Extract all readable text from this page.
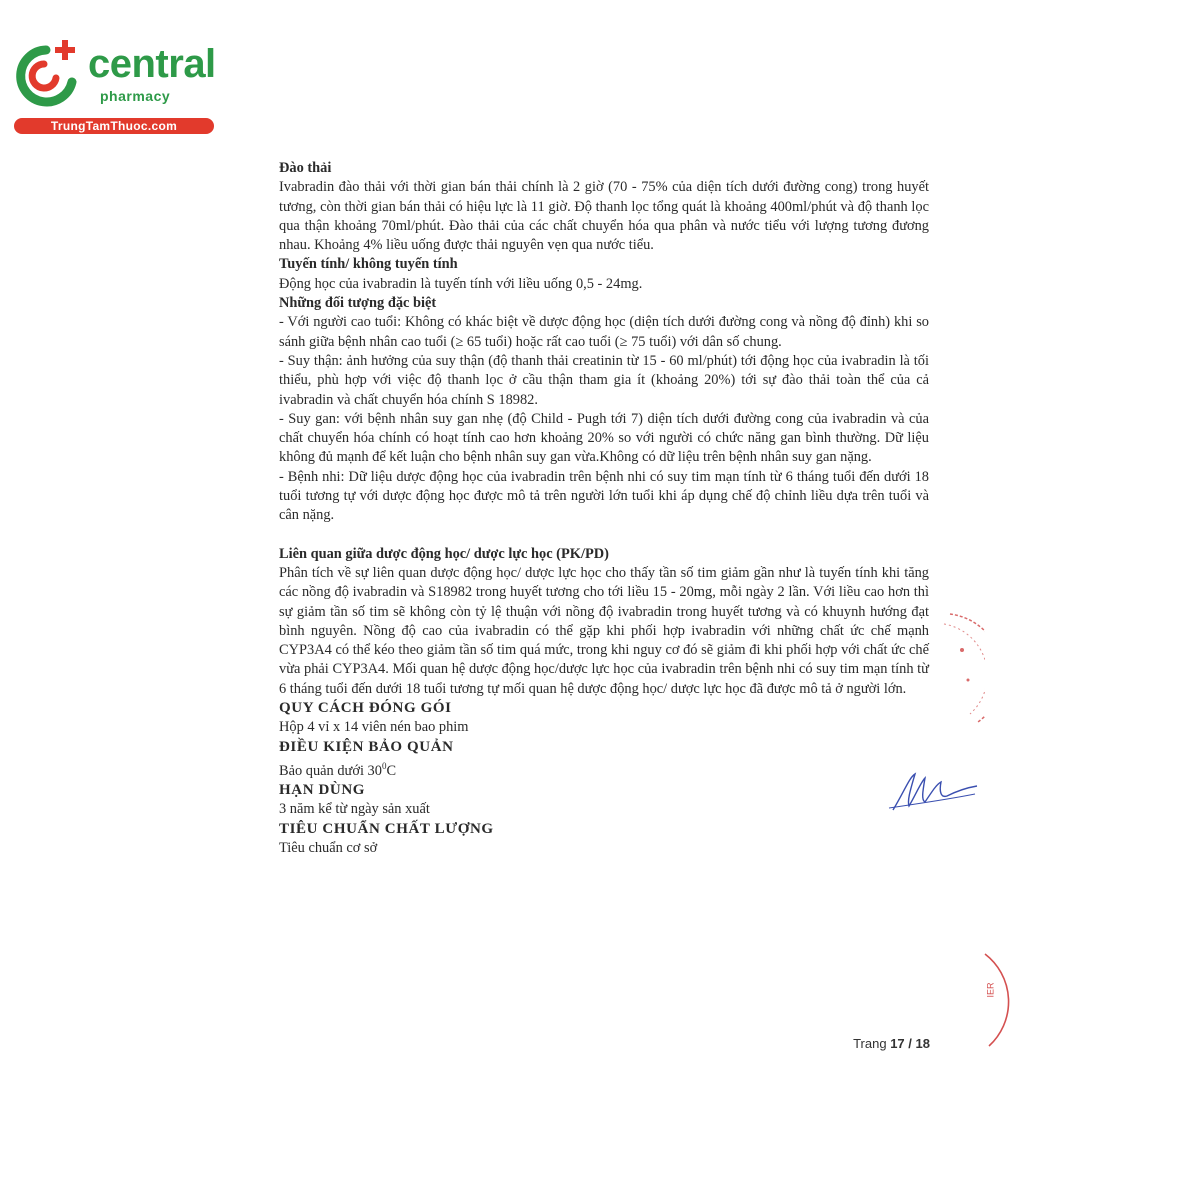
central
pharmacy
TrungTamThuoc.com

Đào thải

Ivabradin đào thải với thời gian bán thải chính là 2 giờ (70 - 75% của diện tích dưới đường cong) trong huyết tương, còn thời gian bán thải có hiệu lực là 11 giờ. Độ thanh lọc tổng quát là khoảng 400ml/phút và độ thanh lọc qua thận khoảng 70ml/phút. Đào thải của các chất chuyển hóa qua phân và nước tiểu với lượng tương đương nhau. Khoảng 4% liều uống được thải nguyên vẹn qua nước tiểu.

Tuyến tính/ không tuyến tính

Động học của ivabradin là tuyến tính với liều uống 0,5 - 24mg.

Những đối tượng đặc biệt

- Với người cao tuổi: Không có khác biệt về dược động học (diện tích dưới đường cong và nồng độ đỉnh) khi so sánh giữa bệnh nhân cao tuổi (≥ 65 tuổi) hoặc rất cao tuổi (≥ 75 tuổi) với dân số chung.

- Suy thận: ảnh hưởng của suy thận (độ thanh thải creatinin từ 15 - 60 ml/phút) tới động học của ivabradin là tối thiểu, phù hợp với việc độ thanh lọc ở cầu thận tham gia ít (khoảng 20%) tới sự đào thải toàn thể của cả ivabradin và chất chuyển hóa chính S 18982.

- Suy gan: với bệnh nhân suy gan nhẹ (độ Child - Pugh tới 7) diện tích dưới đường cong của ivabradin và của chất chuyển hóa chính có hoạt tính cao hơn khoảng 20% so với người có chức năng gan bình thường. Dữ liệu không đủ mạnh để kết luận cho bệnh nhân suy gan vừa.Không có dữ liệu trên bệnh nhân suy gan nặng.

- Bệnh nhi: Dữ liệu dược động học của ivabradin trên bệnh nhi có suy tim mạn tính từ 6 tháng tuổi đến dưới 18 tuổi tương tự với dược động học được mô tả trên người lớn tuổi khi áp dụng chế độ chỉnh liều dựa trên tuổi và cân nặng.

Liên quan giữa dược động học/ dược lực học (PK/PD)

Phân tích về sự liên quan dược động học/ dược lực học cho thấy tần số tim giảm gần như là tuyến tính khi tăng các nồng độ ivabradin và S18982 trong huyết tương cho tới liều 15 - 20mg, mỗi ngày 2 lần. Với liều cao hơn thì sự giảm tần số tim sẽ không còn tỷ lệ thuận với nồng độ ivabradin trong huyết tương và có khuynh hướng đạt bình nguyên. Nồng độ cao của ivabradin có thể gặp khi phối hợp ivabradin với những chất ức chế mạnh CYP3A4 có thể kéo theo giảm tần số tim quá mức, trong khi nguy cơ đó sẽ giảm đi khi phối hợp với chất ức chế vừa phải CYP3A4. Mối quan hệ dược động học/dược lực học của ivabradin trên bệnh nhi có suy tim mạn tính từ 6 tháng tuổi đến dưới 18 tuổi tương tự mối quan hệ dược động học/ dược lực học đã được mô tả ở người lớn.

QUY CÁCH ĐÓNG GÓI

Hộp 4 vỉ x 14 viên nén bao phim

ĐIỀU KIỆN BẢO QUẢN

Bảo quản dưới $30^0C$

HẠN DÙNG

3 năm kể từ ngày sản xuất

TIÊU CHUẨN CHẤT LƯỢNG

Tiêu chuẩn cơ sở

Trang 17 / 18
IER
